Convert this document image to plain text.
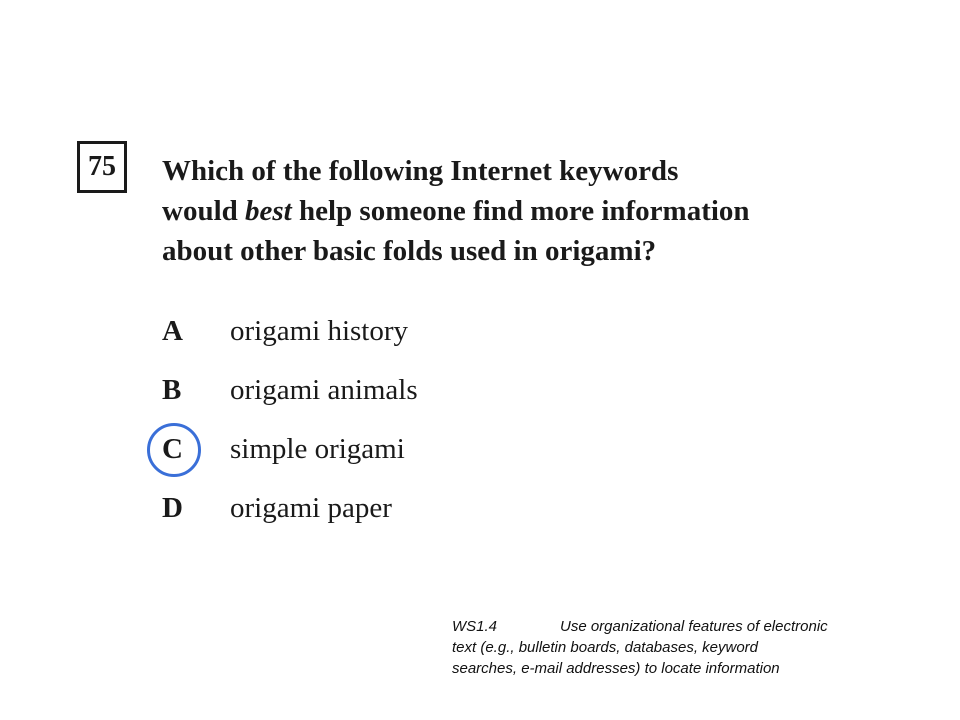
75 Which of the following Internet keywords
would best help someone find more information
about other basic folds used in origami?

A	origami history
B	origami animals
C	simple origami
D	origami paper

WS1.4	Use organizational features of electronic
text (e.g., bulletin boards, databases, keyword
searches, e-mail addresses) to locate information
